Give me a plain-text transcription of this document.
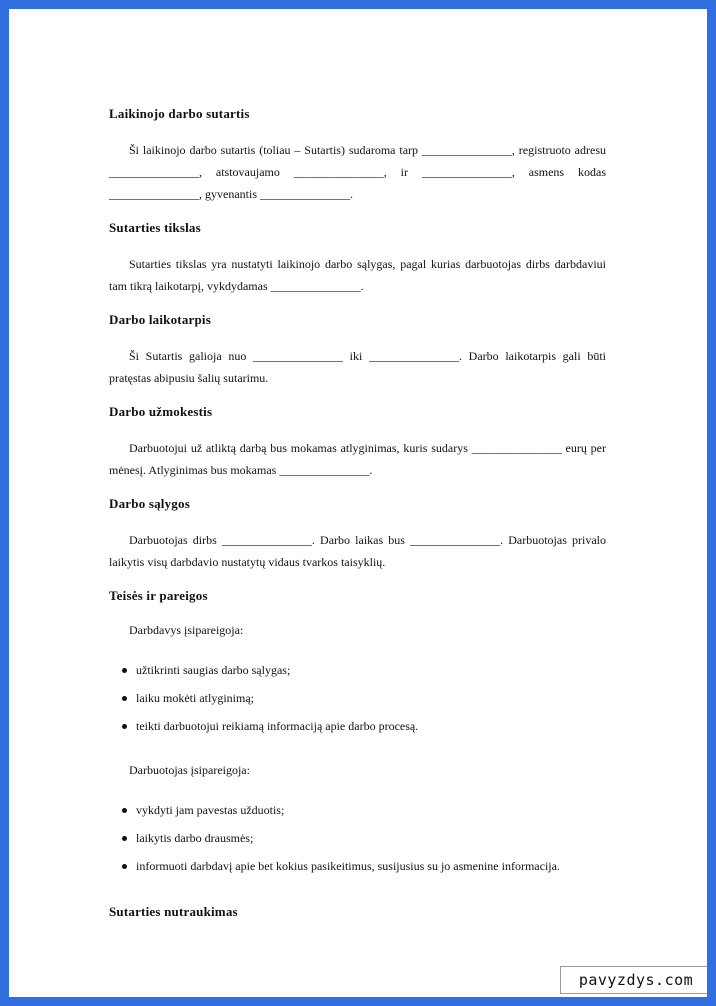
Laikinojo darbo sutartis

Ši laikinojo darbo sutartis (toliau – Sutartis) sudaroma tarp _______________, registruoto adresu _______________, atstovaujamo _______________, ir _______________, asmens kodas _______________, gyvenantis _______________.

Sutarties tikslas

Sutarties tikslas yra nustatyti laikinojo darbo sąlygas, pagal kurias darbuotojas dirbs darbdaviui tam tikrą laikotarpį, vykdydamas _______________.

Darbo laikotarpis

Ši Sutartis galioja nuo _______________ iki _______________. Darbo laikotarpis gali būti pratęstas abipusiu šalių sutarimu.

Darbo užmokestis

Darbuotojui už atliktą darbą bus mokamas atlyginimas, kuris sudarys _______________ eurų per mėnesį. Atlyginimas bus mokamas _______________.

Darbo sąlygos

Darbuotojas dirbs _______________. Darbo laikas bus _______________. Darbuotojas privalo laikytis visų darbdavio nustatytų vidaus tvarkos taisyklių.

Teisės ir pareigos

Darbdavys įsipareigoja:

užtikrinti saugias darbo sąlygas;
laiku mokėti atlyginimą;
teikti darbuotojui reikiamą informaciją apie darbo procesą.

Darbuotojas įsipareigoja:

vykdyti jam pavestas užduotis;
laikytis darbo drausmės;
informuoti darbdavį apie bet kokius pasikeitimus, susijusius su jo asmenine informacija.
Sutarties nutraukimas
pavyzdys.com
